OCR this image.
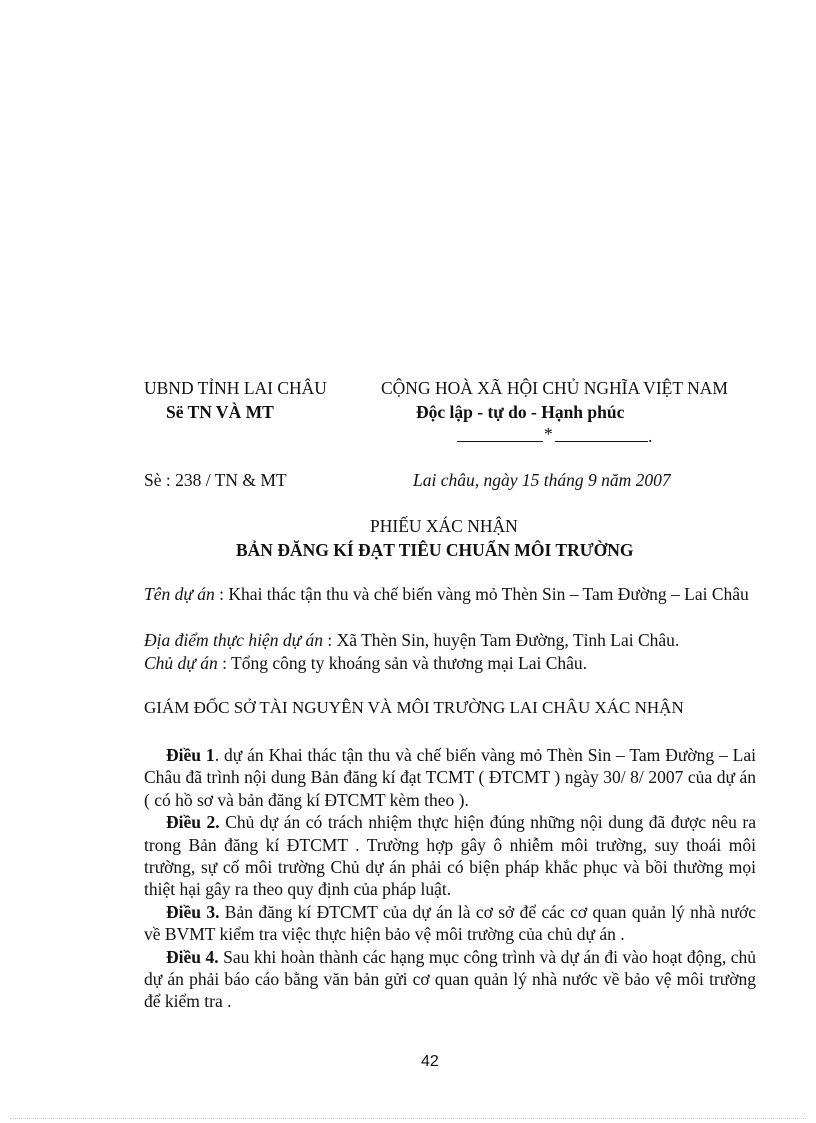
UBND TỈNH LAI CHÂU
Së TN VÀ MT
CỘNG HOÀ XÃ HỘI CHỦ NGHĨA VIỆT NAM
Độc lập - tự do - Hạnh phúc
*	.
Sè : 238 / TN & MT	Lai châu, ngày 15 tháng 9 năm 2007
PHIẾU XÁC NHẬN
BẢN ĐĂNG KÍ ĐẠT TIÊU CHUẨN MÔI TRƯỜNG
Tên dự án : Khai thác tận thu và chế biến vàng mỏ Thèn Sin – Tam Đường – Lai Châu
Địa điểm thực hiện dự án : Xã Thèn Sin, huyện Tam Đường, Tỉnh Lai Châu.
Chủ dự án : Tổng công ty khoáng sản và thương mại Lai Châu.
GIÁM ĐỐC SỞ TÀI NGUYÊN VÀ MÔI TRƯỜNG LAI CHÂU XÁC NHẬN

Điều 1. dự án Khai thác tận thu và chế biến vàng mỏ Thèn Sin – Tam Đường – Lai Châu đã trình nội dung Bản đăng kí đạt TCMT ( ĐTCMT ) ngày 30/ 8/ 2007 của dự án ( có hồ sơ và bản đăng kí ĐTCMT kèm theo ).

Điều 2. Chủ dự án có trách nhiệm thực hiện đúng những nội dung đã được nêu ra trong Bản đăng kí ĐTCMT . Trường hợp gây ô nhiễm môi trường, suy thoái môi trường, sự cố môi trường Chủ dự án phải có biện pháp khắc phục và bồi thường mọi thiệt hại gây ra theo quy định của pháp luật.

Điều 3. Bản đăng kí ĐTCMT của dự án là cơ sở để các cơ quan quản lý nhà nước về BVMT kiểm tra việc thực hiện bảo vệ môi trường của chủ dự án .

Điều 4. Sau khi hoàn thành các hạng mục công trình và dự án đi vào hoạt động, chủ dự án phải báo cáo bằng văn bản gửi cơ quan quản lý nhà nước về bảo vệ môi trường để kiểm tra .

42
